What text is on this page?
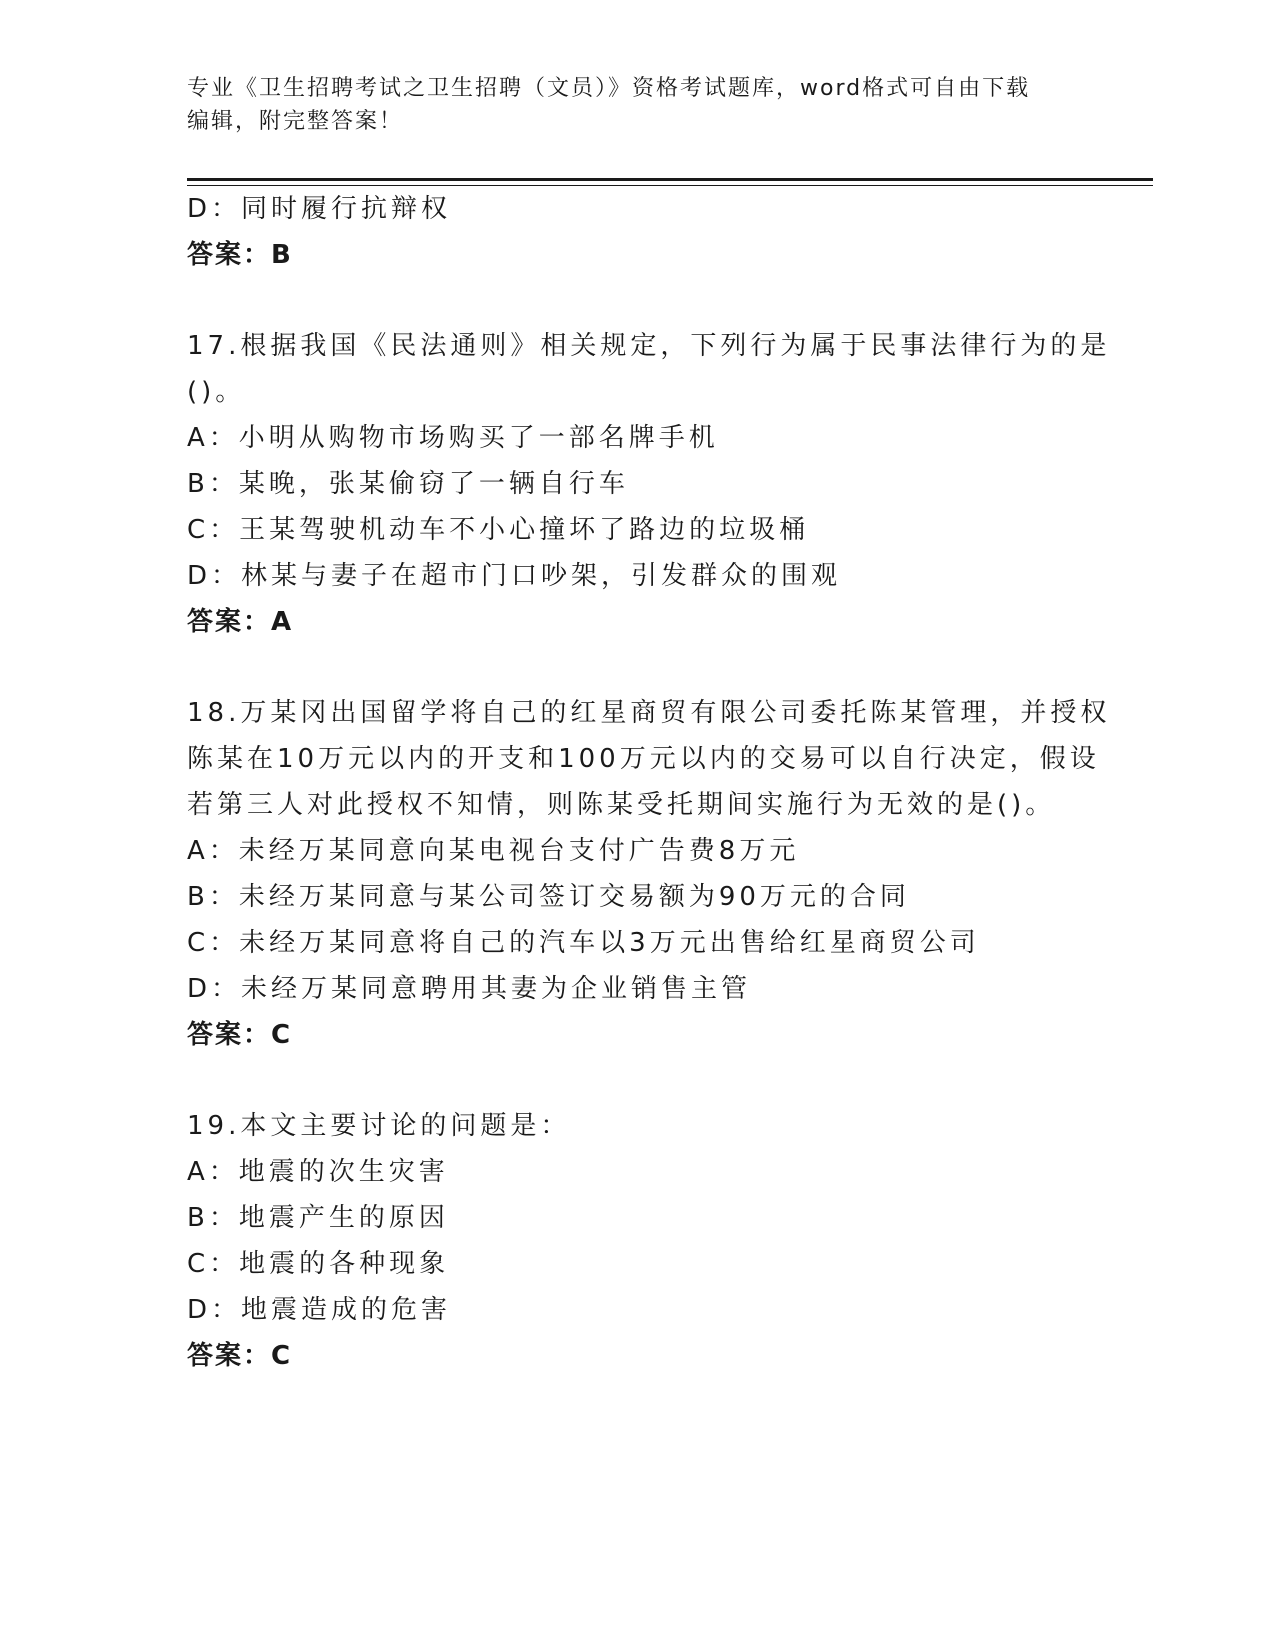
专业《卫生招聘考试之卫生招聘（文员）》资格考试题库，word格式可自由下载
编辑，附完整答案！
D：同时履行抗辩权
答案：B
17.根据我国《民法通则》相关规定，下列行为属于民事法律行为的是
()。
A：小明从购物市场购买了一部名牌手机
B：某晚，张某偷窃了一辆自行车
C：王某驾驶机动车不小心撞坏了路边的垃圾桶
D：林某与妻子在超市门口吵架，引发群众的围观
答案：A
18.万某冈出国留学将自己的红星商贸有限公司委托陈某管理，并授权
陈某在10万元以内的开支和100万元以内的交易可以自行决定，假设
若第三人对此授权不知情，则陈某受托期间实施行为无效的是()。
A：未经万某同意向某电视台支付广告费8万元
B：未经万某同意与某公司签订交易额为90万元的合同
C：未经万某同意将自己的汽车以3万元出售给红星商贸公司
D：未经万某同意聘用其妻为企业销售主管
答案：C
19.本文主要讨论的问题是：
A：地震的次生灾害
B：地震产生的原因
C：地震的各种现象
D：地震造成的危害
答案：C
